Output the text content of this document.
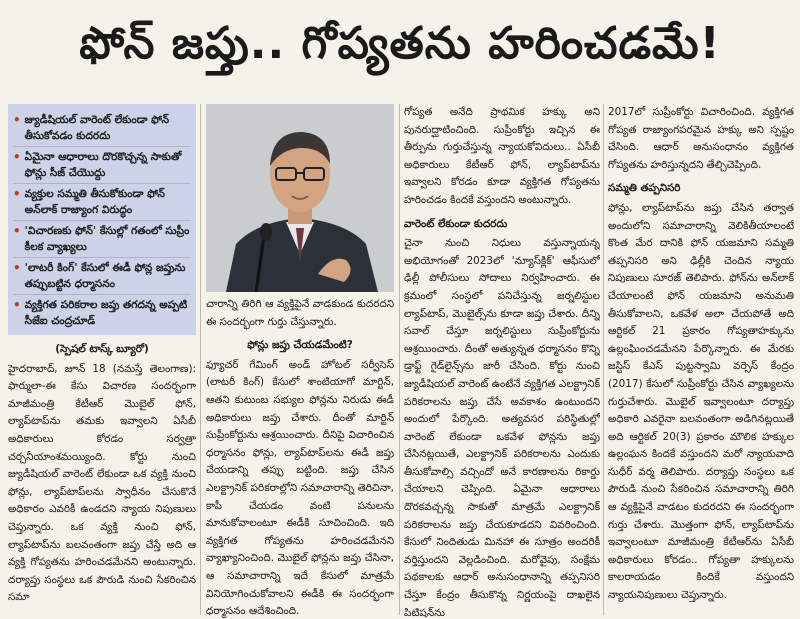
ఫోన్ జప్తు.. గోప్యతను హరించడమే!
• జ్యుడీషియల్ వారెంట్ లేకుండా ఫోన్ తీసుకోవడం కుదరదు
• ఏమైనా ఆధారాలు దొరకొచ్చన్న సాకుతో ఫోన్లు సీజ్ చేయొద్దు
• వ్యక్తుల సమ్మతి తీసుకోకుండా ఫోన్ అన్‌లాక్ రాజ్యాంగ విరుద్ధం
• 'విచారణకు ఫోన్' కేసుల్లో గతంలో సుప్రీం కీలక వ్యాఖ్యలు
• 'లాటరీ కింగ్' కేసులో ఈడీ ఫోన్ల జప్తును తప్పుబట్టిన ధర్మాసనం
• వ్యక్తిగత పరికరాల జప్తు తగదన్న అప్పటి సీజేఐ చంద్రచూడ్
(స్పెషల్ టాస్క్ బ్యూరో)

హైదరాబాద్, జూన్ 18 (నమస్తే తెలంగాణ): ఫార్ములా-ఈ కేసు విచారణ సందర్భంగా మాజీమంత్రి కేటీఆర్ మొబైల్ ఫోన్, ల్యాప్‌టాప్‌ను తమకు ఇవ్వాలని ఏసీబీ అధికారులు కోరడం సర్వత్రా చర్చనీయాంశమయ్యింది. కోర్టు నుంచి జ్యుడీషియల్ వారెంట్ లేకుండా ఒక వ్యక్తి నుంచి ఫోన్లు, ల్యాప్‌టాప్‌లను స్వాధీనం చేసుకొనే అధికారం ఎవరికీ ఉండదని న్యాయ నిపుణులు చెప్తున్నారు. ఒక వ్యక్తి నుంచి ఫోన్, ల్యాప్‌టాప్‌ను బలవంతంగా జప్తు చేస్తే అది ఆ వ్యక్తి గోప్యతను హరించడమేనని అంటున్నారు. దర్యాప్తు సంస్థలు ఒక పౌరుడి నుంచి సేకరించిన సమా

చారాన్ని తిరిగి ఆ వ్యక్తిపైనే వాడకుండ కుదరదని ఈ సందర్భంగా గుర్తు చేస్తున్నారు.

ఫోన్లు జప్తు చేయడమేంటి?

ఫ్యూచర్ గేమింగ్ అండ్ హోటల్ సర్వీసెస్ (లాటరీ కింగ్) కేసులో శాంటియాగో మార్టిన్, ఆతని కుటుంబ సభ్యుల ఫోన్లను నిరుడు ఈడీ అధికారులు జప్తు చేశారు. దీంతో మార్టిన్ సుప్రీంకోర్టును ఆశ్రయించారు. దీనిపై విచారించిన ధర్మాసనం ఫోన్లు, ల్యాప్‌టాప్‌లను ఈడీ జప్తు చేయడాన్ని తప్పు బట్టింది. జప్తు చేసిన ఎలక్ట్రానిక్ పరికరాల్లోని సమాచారాన్ని తెరిచినా, కాపీ చేయడం వంటి పనులను మానుకోవాలంటూ ఈడీకి సూచించింది. ఇది వ్యక్తిగత గోప్యతను హరించడమేనని వ్యాఖ్యానించింది. మొబైల్ ఫోన్లను జప్తు చేసినా, ఆ సమాచారాన్ని ఇదే కేసులో మాత్రమే వినియోగించుకోవాలని ఈడీకి ఈ సందర్భంగా ధర్మాసనం ఆదేశించింది.

గోప్యత అనేది ప్రాథమిక హక్కు అని పునరుద్ఘాటించింది. సుప్రీంకోర్టు ఇచ్చిన ఈ తీర్పును గుర్తుచేస్తున్న న్యాయకోవిదులు.. ఏసీబీ అధికారులు కేటీఆర్ ఫోన్, ల్యాప్‌టాప్‌ను ఇవ్వాలని కోరడం కూడా వ్యక్తిగత గోప్యతను హరించడం కిందకే వస్తుందని అంటున్నారు.

వారెంట్ లేకుండా కుదరదు

చైనా నుంచి నిధులు వస్తున్నాయన్న అభియోగంతో 2023లో 'న్యూస్‌క్లిక్' ఆఫీసులో ఢిల్లీ పోలీసులు సోదాలు నిర్వహించారు. ఈ క్రమంలో సంస్థలో పనిచేస్తున్న జర్నలిస్టుల ల్యాప్‌టాప్, మొబైల్స్‌ను కూడా జప్తు చేశారు. దీన్ని సవాల్ చేస్తూ జర్నలిస్టులు సుప్రీంకోర్టును ఆశ్రయించారు. దీంతో అత్యున్నత ధర్మాసనం కొన్ని డ్రాఫ్ట్ గైడ్‌లైన్స్‌ను జారీ చేసింది. కోర్టు నుంచి జ్యుడీషియల్ వారెంట్ ఉంటేనే వ్యక్తిగత ఎలక్ట్రానిక్ పరికరాలను జప్తు చేసే అవకాశం ఉంటుందని అందులో పేర్కొంది. అత్యవసర పరిస్థితుల్లో వారెంట్ లేకుండా ఒకవేళ ఫోన్లను జప్తు చేసినట్లయితే, ఎలక్ట్రానిక్ పరికరాలను ఎందుకు తీసుకోవాల్సి వచ్చిందో అనే కారణాలను రికార్డు చేయాలని చెప్పింది. ఏమైనా ఆధారాలు దొరకవచ్చన్న సాకుతో మాత్రమే ఎలక్ట్రానిక్ పరికరాలను జప్తు చేయకూడదని వివరించింది. కేసులో నిందితుడు మినహా ఈ సూత్రం అందరికీ వర్తిస్తుందని వెల్లడించింది. మరోవైపు, సంక్షేమ పథకాలకు ఆధార్ అనుసంధానాన్ని తప్పనిసరి చేస్తూ కేంద్రం తీసుకొన్న నిర్ణయంపై దాఖలైన పిటిషన్‌ను

2017లో సుప్రీంకోర్టు విచారించింది. వ్యక్తిగత గోప్యత రాజ్యాంగపరమైన హక్కు అని స్పష్టం చేసింది. ఆధార్ అనుసంధానం వ్యక్తిగత గోప్యతను హరిస్తున్నదని తేల్చిచెప్పింది.

సమ్మతి తప్పనిసరి

ఫోన్లు, ల్యాప్‌టాప్‌ను జప్తు చేసిన తర్వాత అందులోని సమాచారాన్ని వెలికితీయాలంటే కొంత మేర దానికి ఫోన్ యజమాని సమ్మతి తప్పనిసరి అని ఢిల్లీకి చెందిన న్యాయ నిపుణులు సూరజ్ తెలిపారు. ఫోన్‌ను అన్‌లాక్ చేయాలంటే ఫోన్ యజమాని అనుమతి తీసుకోవాలని, ఒకవేళ అలా చేయపోతే అది ఆర్టికల్ 21 ప్రకారం గోప్యతాహక్కును ఉల్లంఘించడమేనని పేర్కొన్నారు. ఈ మేరకు జస్టిస్ కేఎస్ పుట్టస్వామి వర్సెస్ కేంద్రం (2017) కేసులో సుప్రీంకోర్టు చేసిన వ్యాఖ్యలను గుర్తుచేశారు. మొబైల్ ఇవ్వాలంటూ దర్యాప్తు అధికారి ఎవరైనా బలవంతంగా అడిగినట్లయితే అది ఆర్టికల్ 20(3) ప్రకారం మౌలిక హక్కుల ఉల్లంఘన కిందకే వస్తుందని మరో న్యాయవాది సుధీర్ వర్మ తెలిపారు. దర్యాప్తు సంస్థలు ఒక పౌరుడి నుంచి సేకరించిన సమాచారాన్ని తిరిగి ఆ వ్యక్తిపైనే వాడటం కుదరదని ఈ సందర్భంగా గుర్తు చేశారు. మొత్తంగా ఫోన్, ల్యాప్‌టాప్‌ను ఇవ్వాలంటూ మాజీమంత్రి కేటీఆర్‌ను ఏసీబీ అధికారులు కోరడం.. గోప్యతా హక్కులను కాలరాయడం కిందికే వస్తుందని న్యాయనిపుణులు చెప్తున్నారు.
